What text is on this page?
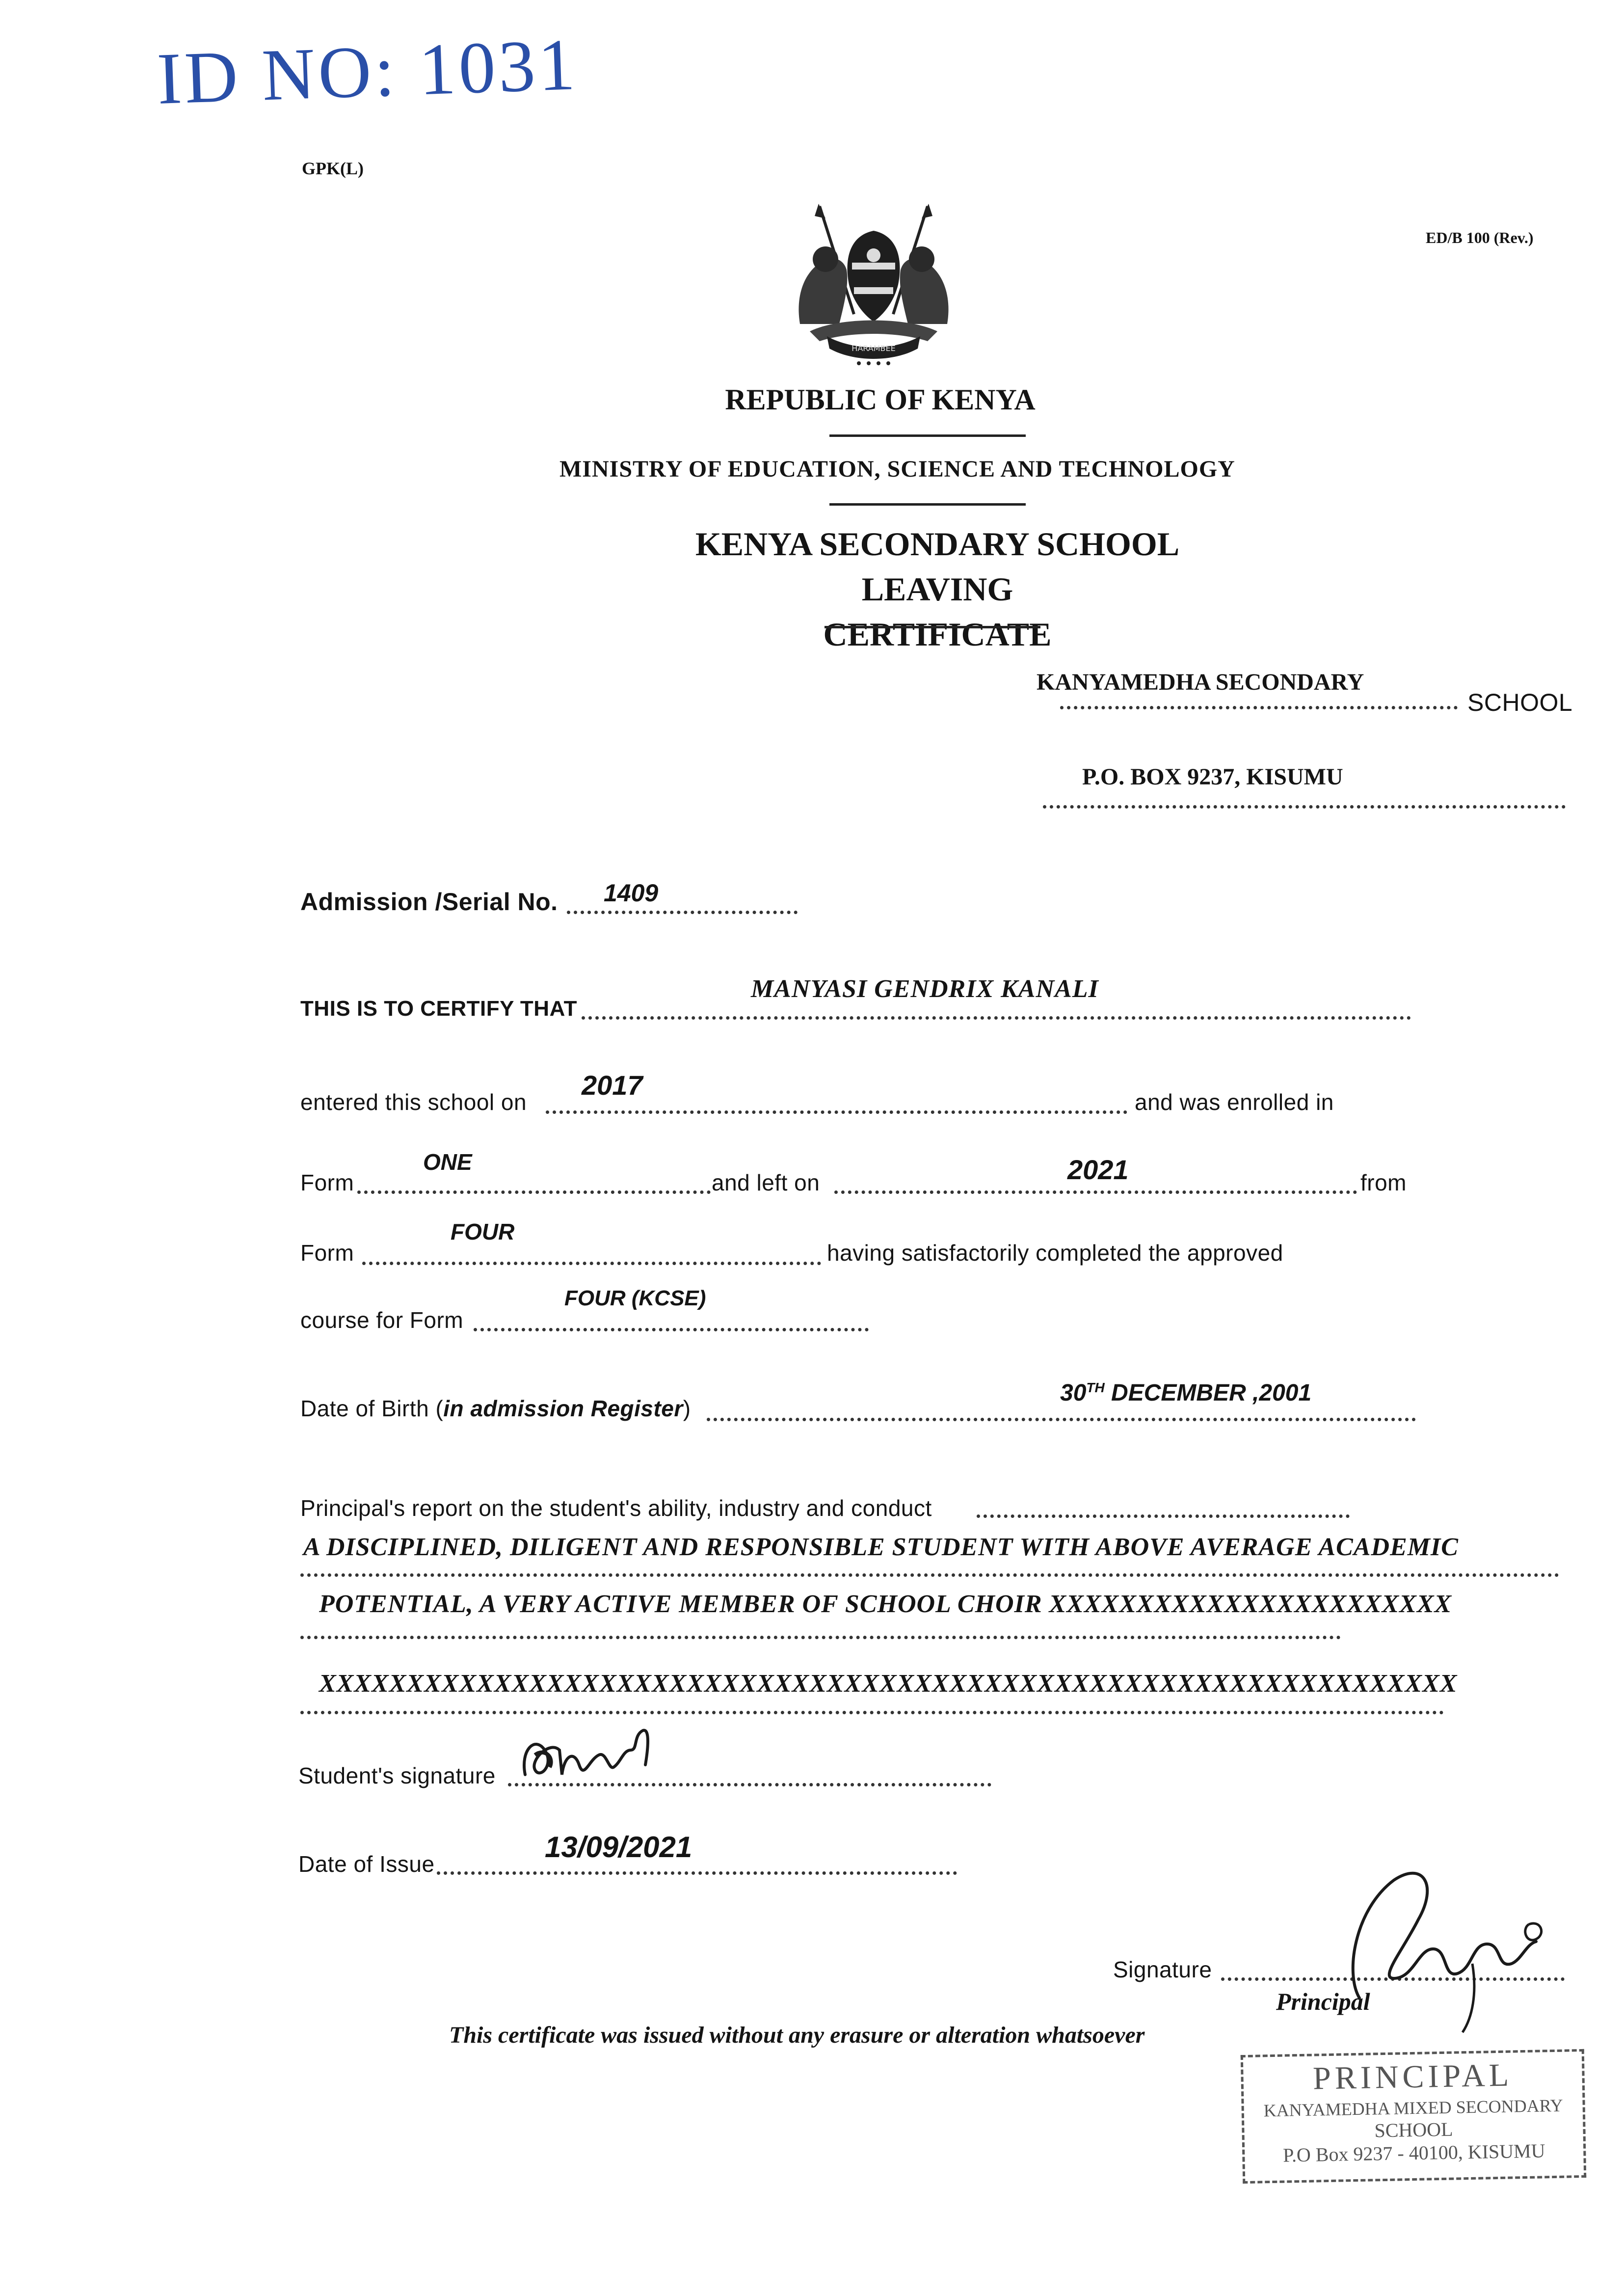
ID NO: 1031
GPK(L)
ED/B 100 (Rev.)
HARAMBEE
REPUBLIC OF KENYA
MINISTRY OF EDUCATION, SCIENCE AND TECHNOLOGY
KENYA SECONDARY SCHOOL LEAVING
CERTIFICATE
KANYAMEDHA SECONDARY
SCHOOL
P.O. BOX 9237, KISUMU
Admission /Serial No. 1409
THIS IS TO CERTIFY THAT
MANYASI GENDRIX KANALI
entered this school on
2017
and was enrolled in
Form
ONE
and left on	2021	from
Form
FOUR
having satisfactorily completed the approved
course for Form
FOUR (KCSE)
Date of Birth (in admission Register)
30TH DECEMBER ,2001
Principal's report on the student's ability, industry and conduct
A DISCIPLINED, DILIGENT AND RESPONSIBLE STUDENT WITH ABOVE AVERAGE ACADEMIC
POTENTIAL, A VERY ACTIVE MEMBER OF SCHOOL CHOIR XXXXXXXXXXXXXXXXXXXXXXX
XXXXXXXXXXXXXXXXXXXXXXXXXXXXXXXXXXXXXXXXXXXXXXXXXXXXXXXXXXXXXXXXX
Student's signature
Date of Issue
13/09/2021
Signature
Principal
This certificate was issued without any erasure or alteration whatsoever
PRINCIPAL
KANYAMEDHA MIXED SECONDARY
SCHOOL
P.O Box 9237 - 40100, KISUMU
